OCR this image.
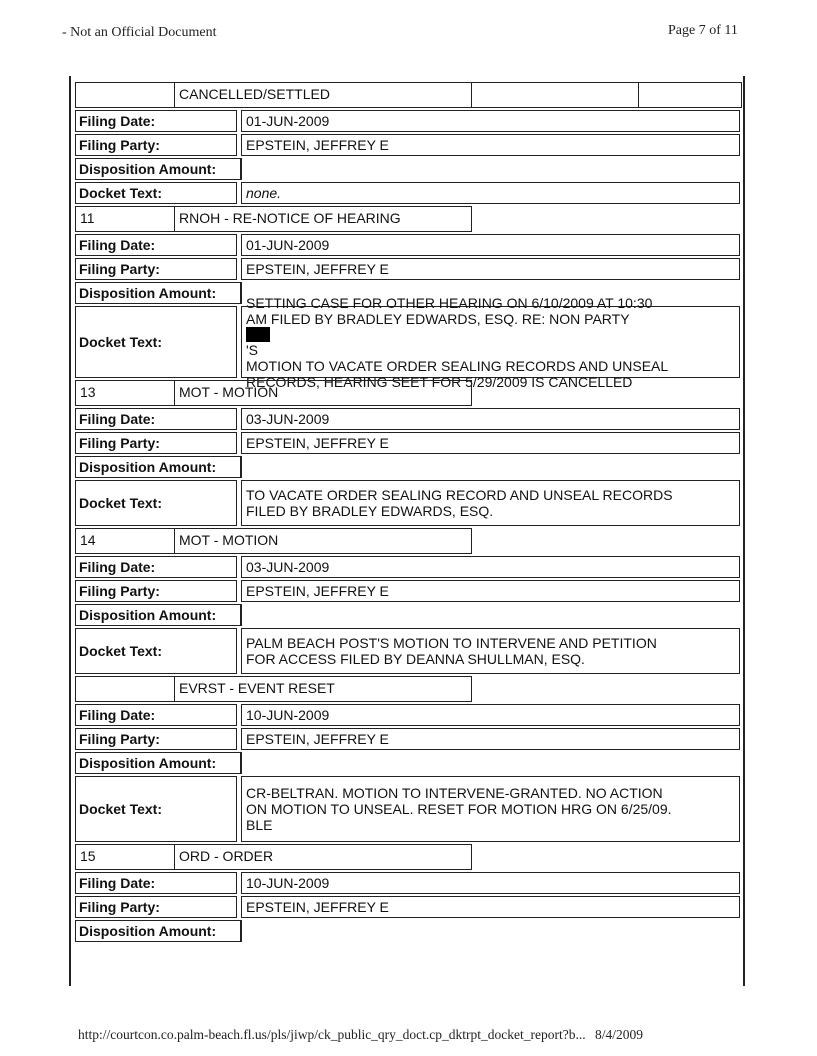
- Not an Official Document	Page 7 of 11
CANCELLED/SETTLED
Filing Date:	01-JUN-2009
Filing Party:	EPSTEIN, JEFFREY E
Disposition Amount:
Docket Text:	none.
11	RNOH - RE-NOTICE OF HEARING
Filing Date:	01-JUN-2009
Filing Party:	EPSTEIN, JEFFREY E
Disposition Amount:
Docket Text:
SETTING CASE FOR OTHER HEARING ON 6/10/2009 AT 10:30
AM FILED BY BRADLEY EDWARDS, ESQ. RE: NON PARTY
'S
MOTION TO VACATE ORDER SEALING RECORDS AND UNSEAL
RECORDS, HEARING SEET FOR 5/29/2009 IS CANCELLED
13	MOT - MOTION
Filing Date:	03-JUN-2009
Filing Party:	EPSTEIN, JEFFREY E
Disposition Amount:
Docket Text:	TO VACATE ORDER SEALING RECORD AND UNSEAL RECORDS
FILED BY BRADLEY EDWARDS, ESQ.
14	MOT - MOTION
Filing Date:	03-JUN-2009
Filing Party:	EPSTEIN, JEFFREY E
Disposition Amount:
Docket Text:	PALM BEACH POST'S MOTION TO INTERVENE AND PETITION
FOR ACCESS FILED BY DEANNA SHULLMAN, ESQ.
EVRST - EVENT RESET
Filing Date:	10-JUN-2009
Filing Party:	EPSTEIN, JEFFREY E
Disposition Amount:
Docket Text:
CR-BELTRAN. MOTION TO INTERVENE-GRANTED. NO ACTION
ON MOTION TO UNSEAL. RESET FOR MOTION HRG ON 6/25/09.
BLE
15	ORD - ORDER
Filing Date:	10-JUN-2009
Filing Party:	EPSTEIN, JEFFREY E
Disposition Amount:
http://courtcon.co.palm-beach.fl.us/pls/jiwp/ck_public_qry_doct.cp_dktrpt_docket_report?b... 8/4/2009
